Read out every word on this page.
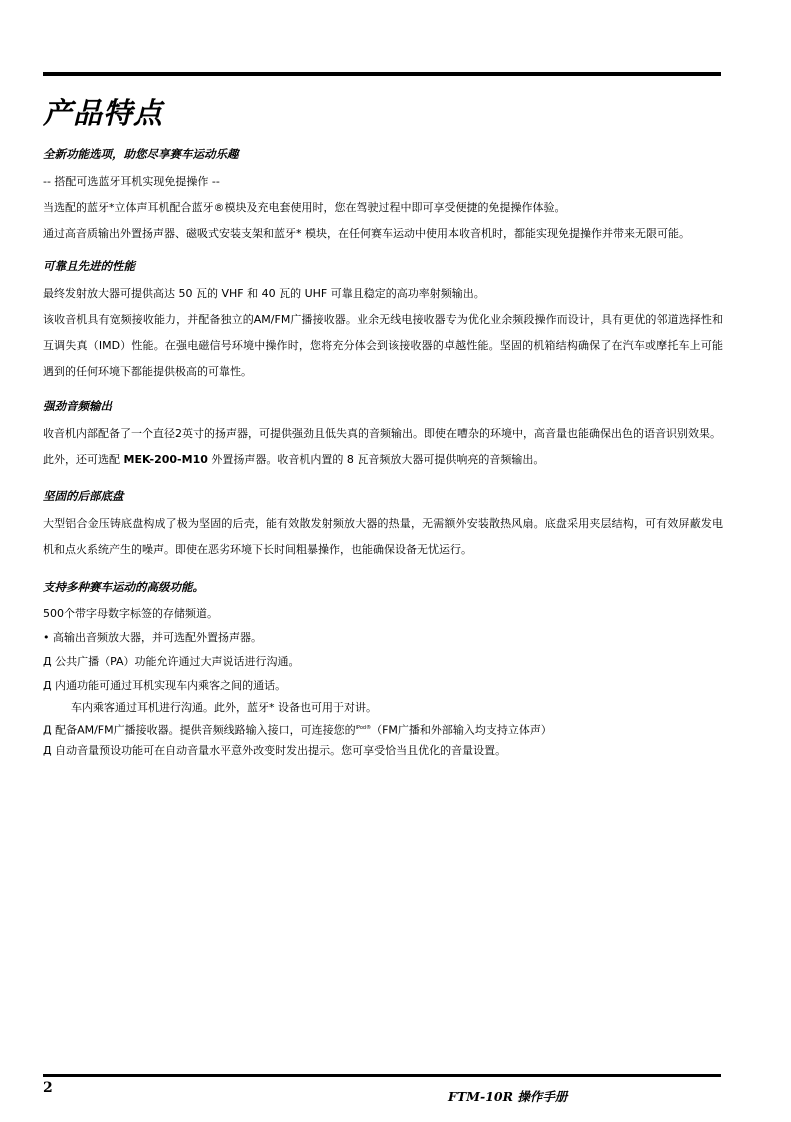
产品特点
全新功能选项，助您尽享赛车运动乐趣

-- 搭配可选蓝牙耳机实现免提操作 --

当选配的蓝牙*立体声耳机配合蓝牙®模块及充电套使用时，您在驾驶过程中即可享受便捷的免提操作体验。

通过高音质输出外置扬声器、磁吸式安装支架和蓝牙* 模块，在任何赛车运动中使用本收音机时，都能实现免提操作并带来无限可能。

可靠且先进的性能

最终发射放大器可提供高达 50 瓦的 VHF 和 40 瓦的 UHF 可靠且稳定的高功率射频输出。

该收音机具有宽频接收能力，并配备独立的AM/FM广播接收器。业余无线电接收器专为优化业余频段操作而设计，具有更优的邻道选择性和互调失真（IMD）性能。在强电磁信号环境中操作时，您将充分体会到该接收器的卓越性能。坚固的机箱结构确保了在汽车或摩托车上可能遇到的任何环境下都能提供极高的可靠性。

强劲音频输出

收音机内部配备了一个直径2英寸的扬声器，可提供强劲且低失真的音频输出。即使在嘈杂的环境中，高音量也能确保出色的语音识别效果。

此外，还可选配 MEK-200-M10 外置扬声器。收音机内置的 8 瓦音频放大器可提供响亮的音频输出。

坚固的后部底盘

大型铝合金压铸底盘构成了极为坚固的后壳，能有效散发射频放大器的热量，无需额外安装散热风扇。底盘采用夹层结构，可有效屏蔽发电机和点火系统产生的噪声。即使在恶劣环境下长时间粗暴操作，也能确保设备无忧运行。

支持多种赛车运动的高级功能。

500个带字母数字标签的存储频道。

• 高输出音频放大器，并可选配外置扬声器。

Д 公共广播（PA）功能允许通过大声说话进行沟通。

Д 内通功能可通过耳机实现车内乘客之间的通话。

车内乘客通过耳机进行沟通。此外，蓝牙* 设备也可用于对讲。

Д 配备AM/FM广播接收器。提供音频线路输入接口，可连接您的$^{iPod®}$（FM广播和外部输入均支持立体声）

Д 自动音量预设功能可在自动音量水平意外改变时发出提示。您可享受恰当且优化的音量设置。

2
FTM-10R 操作手册
